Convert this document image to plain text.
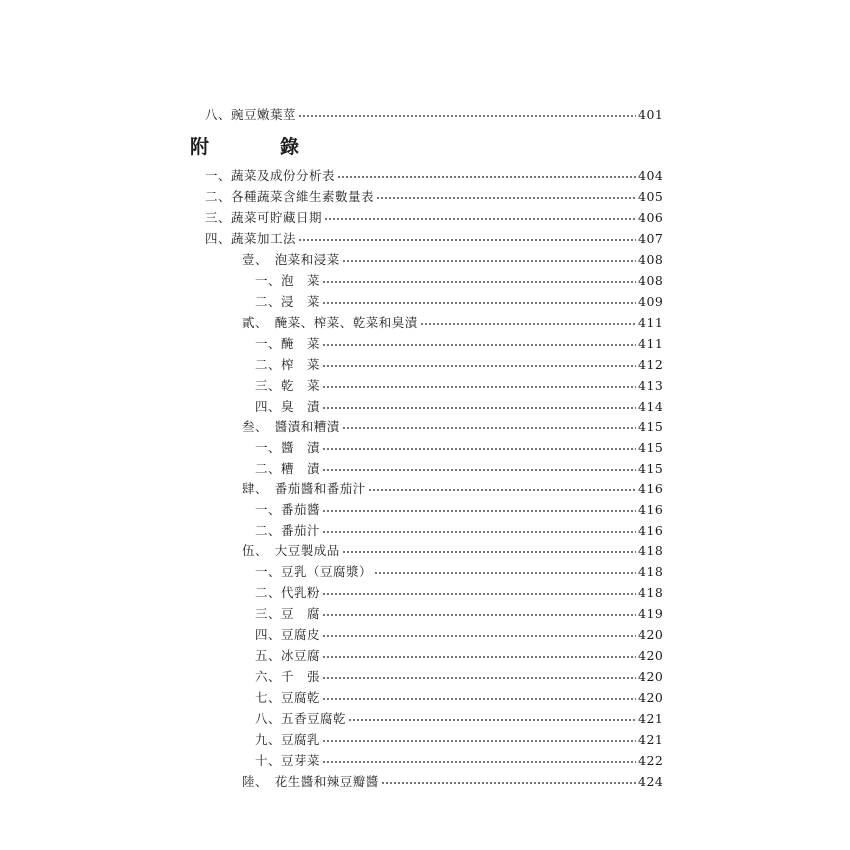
八、豌豆嫩葉莖	401
附　錄
一、蔬菜及成份分析表	404
二、各種蔬菜含維生素數量表	405
三、蔬菜可貯藏日期	406
四、蔬菜加工法	407
壹、　泡菜和浸菜	408
一、泡　菜	408
二、浸　菜	409
貳、　醃菜、榨菜、乾菜和臭漬	411
一、醃　菜	411
二、榨　菜	412
三、乾　菜	413
四、臭　漬	414
叁、　醬漬和糟漬	415
一、醬　漬	415
二、糟　漬	415
肆、　番茄醬和番茄汁	416
一、番茄醬	416
二、番茄汁	416
伍、　大豆製成品	418
一、豆乳（豆腐漿）	418
二、代乳粉	418
三、豆　腐	419
四、豆腐皮	420
五、冰豆腐	420
六、千　張	420
七、豆腐乾	420
八、五香豆腐乾	421
九、豆腐乳	421
十、豆芽菜	422
陸、　花生醬和辣豆瓣醬	424
